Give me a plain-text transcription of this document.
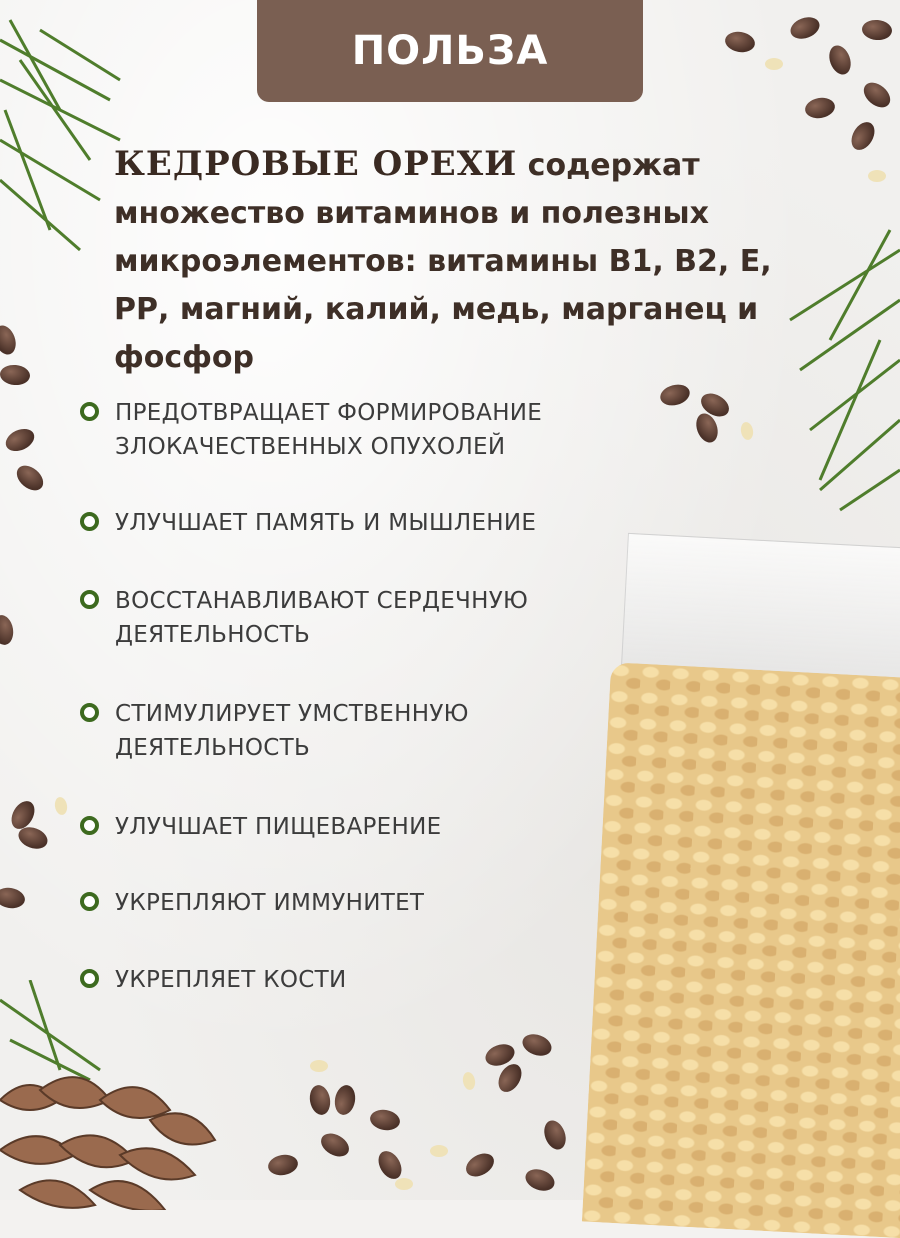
ПОЛЬЗА
КЕДРОВЫЕ ОРЕХИ содержат множество витаминов и полезных микроэлементов: витамины В1, В2, Е, РР, магний, калий, медь, марганец и фосфор
ПРЕДОТВРАЩАЕТ ФОРМИРОВАНИЕ ЗЛОКАЧЕСТВЕННЫХ ОПУХОЛЕЙ
УЛУЧШАЕТ ПАМЯТЬ И МЫШЛЕНИЕ
ВОССТАНАВЛИВАЮТ СЕРДЕЧНУЮ ДЕЯТЕЛЬНОСТЬ
СТИМУЛИРУЕТ УМСТВЕННУЮ ДЕЯТЕЛЬНОСТЬ
УЛУЧШАЕТ ПИЩЕВАРЕНИЕ
УКРЕПЛЯЮТ ИММУНИТЕТ
УКРЕПЛЯЕТ КОСТИ
